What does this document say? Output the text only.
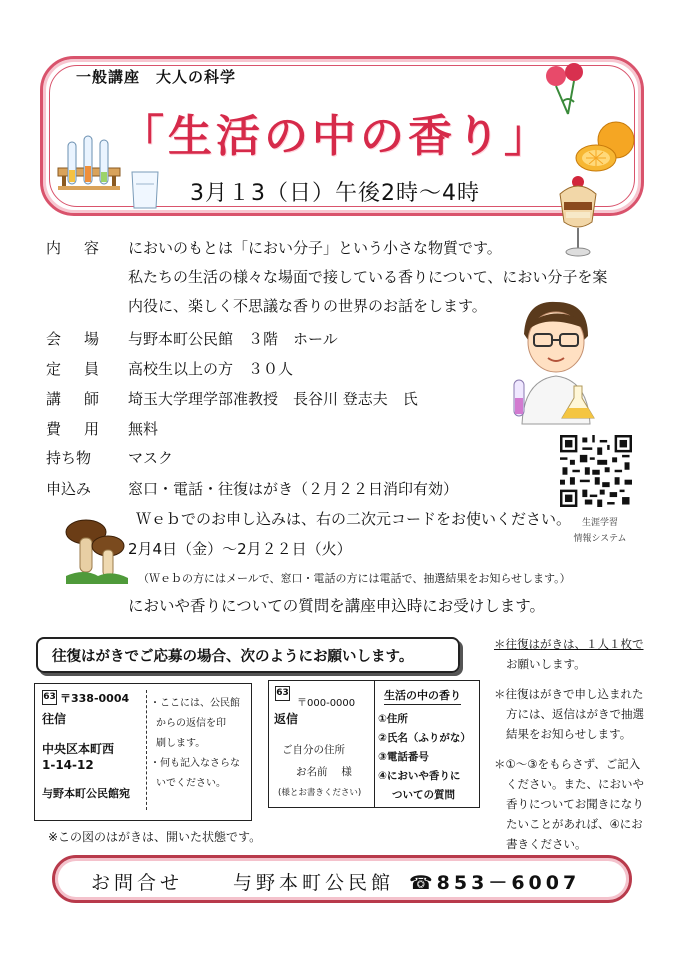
一般講座　大人の科学
「生活の中の香り」
3月１3（日）午後2時～4時
内　容 においのもとは「におい分子」という小さな物質です。
私たちの生活の様々な場面で接している香りについて、におい分子を案
内役に、楽しく不思議な香りの世界のお話をします。
会　場 与野本町公民館　３階　ホール
定　員 高校生以上の方　３０人
講　師 埼玉大学理学部准教授　長谷川 登志夫　氏
費　用 無料
持ち物 マスク
申込み 窓口・電話・往復はがき（２月２２日消印有効）
Ｗｅｂでのお申し込みは、右の二次元コードをお使いください。
2月4日（金）～2月２２日（火）
（Ｗｅｂの方にはメールで、窓口・電話の方には電話で、抽選結果をお知らせします。）
においや香りについての質問を講座申込時にお受けします。
生涯学習
情報システム
往復はがきでご応募の場合、次のようにお願いします。
63 〒338-0004
往信
中央区本町西
1-14-12
与野本町公民館宛
・ここには、公民館
からの返信を印
刷します。
・何も記入なさらな
いでください。
63
〒000-0000
返信
ご自分の住所
お名前　 様
(様とお書きください)
生活の中の香り
①住所
②氏名（ふりがな）
③電話番号
④においや香りに
ついての質問
※この図のはがきは、開いた状態です。
＊往復はがきは、１人１枚で
お願いします。
＊往復はがきで申し込まれた
方には、返信はがきで抽選
結果をお知らせします。
＊①～③をもらさず、ご記入
ください。また、においや
香りについてお聞きになり
たいことがあれば、④にお
書きください。
お問合せ	与野本町公民館 ☎853－6007
